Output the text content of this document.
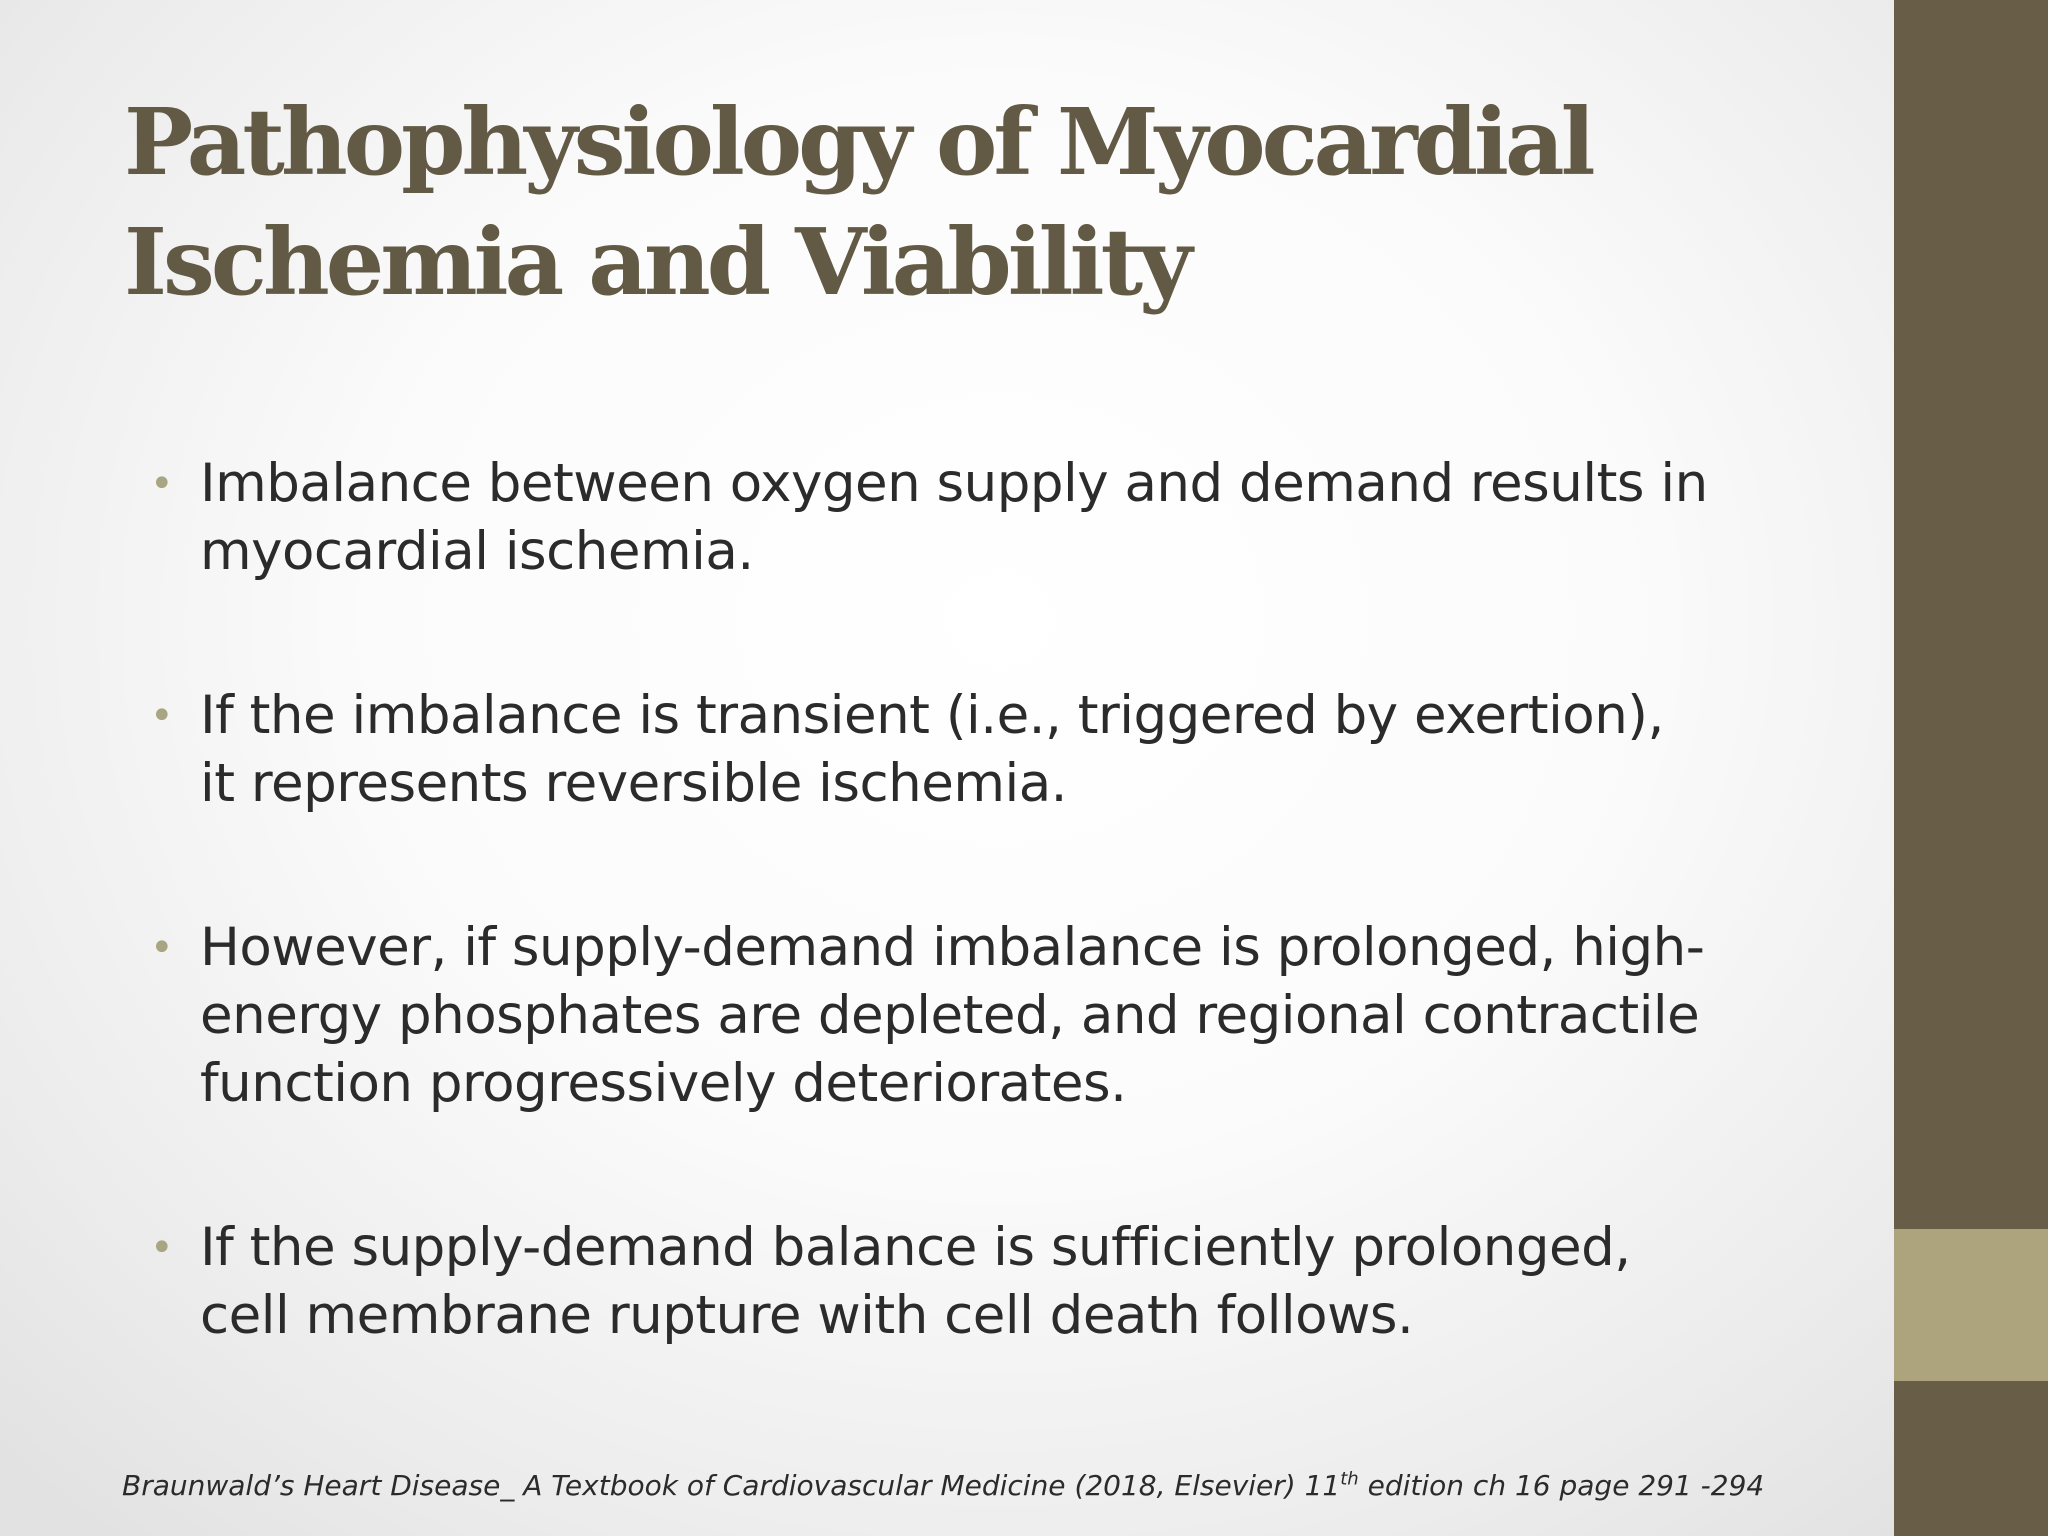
Pathophysiology of Myocardial
Ischemia and Viability
• Imbalance between oxygen supply and demand results in myocardial ischemia.
• If the imbalance is transient (i.e., triggered by exertion), it represents reversible ischemia.
• However, if supply-demand imbalance is prolonged, high-energy phosphates are depleted, and regional contractile function progressively deteriorates.
• If the supply-demand balance is sufficiently prolonged, cell membrane rupture with cell death follows.
Braunwald’s Heart Disease_ A Textbook of Cardiovascular Medicine (2018, Elsevier) 11th edition ch 16 page 291 -294
